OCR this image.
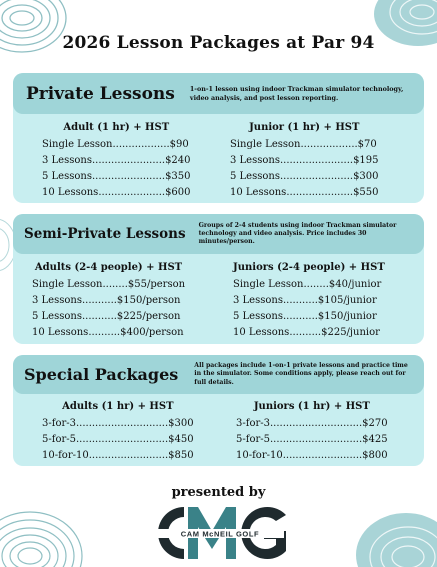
2026 Lesson Packages at Par 94
Private Lessons	1-on-1 lesson using indoor Trackman simulator technology, video analysis, and post lesson reporting.
Adult (1 hr) + HST
Single Lesson..................$90
3 Lessons.......................$240
5 Lessons.......................$350
10 Lessons.....................$600
Junior (1 hr) + HST
Single Lesson..................$70
3 Lessons.......................$195
5 Lessons.......................$300
10 Lessons.....................$550
Semi-Private Lessons
Groups of 2-4 students using indoor Trackman simulator technology and video analysis. Price includes 30 minutes/person.
Adults (2-4 people) + HST
Single Lesson........$55/person
3 Lessons...........$150/person
5 Lessons...........$225/person
10 Lessons..........$400/person
Juniors (2-4 people) + HST
Single Lesson........$40/junior
3 Lessons...........$105/junior
5 Lessons...........$150/junior
10 Lessons..........$225/junior
Special Packages	All packages include 1-on-1 private lessons and practice time in the simulator. Some conditions apply, please reach out for full details.
Adults (1 hr) + HST
3-for-3.............................$300
5-for-5.............................$450
10-for-10.........................$850
Juniors (1 hr) + HST
3-for-3.............................$270
5-for-5.............................$425
10-for-10.........................$800
presented by
CAM McNEIL GOLF
